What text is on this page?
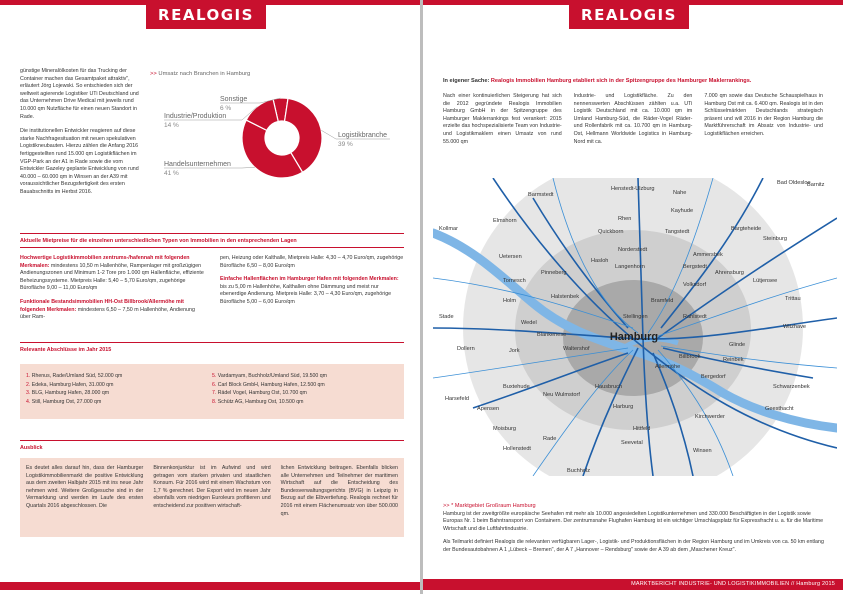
REALOGIS

günstige Mineralölkosten für das Trucking der Container machen das Gesamtpaket attraktiv", erläutert Jörg Lojewski. So entschieden sich der weltweit agierende Logistiker UTi Deutschland und das Unternehmen Drive Medical mit jeweils rund 10.000 qm Nutzfläche für einen neuen Standort in Rade.

Die institutionellen Entwickler reagieren auf diese starke Nachfragesituation mit neuen spekulativen Logistikneubauten. Hierzu zählen die Anfang 2016 fertiggestellten rund 15.000 qm Logistikflächen im VGP-Park an der A1 in Rade sowie die vom Entwickler Gazeley geplante Entwicklung von rund 40.000 – 60.000 qm in Winsen an der A39 mit voraussichtlicher Bezugsfertigkeit des ersten Bauabschnitts im Herbst 2016.

>> Umsatz nach Branchen in Hamburg
Logistikbranche
39 %
Handelsunternehmen
41 %
Industrie/Produktion
14 %
Sonstige
6 %
Aktuelle Mietpreise für die einzelnen unterschiedlichen Typen von Immobilien in den entsprechenden Lagen

Hochwertige Logistikimmobilien zentrums-/hafennah mit folgenden Merkmalen: mindestens 10,50 m Hallenhöhe, Rampenlager mit großzügigen Andienungszonen und Minimum 1-2 Tore pro 1.000 qm Hallenfläche, effiziente Beheizungssysteme. Mietpreis Halle: 5,40 – 5,70 Euro/qm, zugehörige Bürofläche 9,00 – 11,00 Euro/qm

Funktionale Bestandsimmobilien HH-Ost Billbrook/Allermöhe mit folgenden Merkmalen: mindestens 6,50 – 7,50 m Hallenhöhe, Andienung über Ram-

pen, Heizung oder Kalthalle, Mietpreis Halle: 4,30 – 4,70 Euro/qm, zugehörige Bürofläche 6,50 – 8,00 Euro/qm

Einfache Hallenflächen im Hamburger Hafen mit folgenden Merkmalen: bis zu 5,00 m Hallenhöhe, Kalthallen ohne Dämmung und meist nur ebenerdige Andienung. Mietpreis Halle: 3,70 – 4,30 Euro/qm, zugehörige Bürofläche 5,00 – 6,00 Euro/qm

Relevante Abschlüsse im Jahr 2015
1. Rhenus, Rade/Umland Süd, 52.000 qm
2. Edeka, Hamburg Hafen, 31.000 qm
3. BLG, Hamburg Hafen, 28.000 qm
4. Still, Hamburg Ost, 27.000 qm
5. Vardamyam, Buchholz/Umland Süd, 19.500 qm
6. Carl Block GmbH, Hamburg Hafen, 12.500 qm
7. Rädel Vogel, Hamburg Ost, 10.700 qm
8. Schütz AG, Hamburg Ost, 10.500 qm
Ausblick
Es deutet alles darauf hin, dass der Hamburger Logistikimmobilienmarkt die positive Entwicklung aus dem zweiten Halbjahr 2015 mit ins neue Jahr nehmen wird. Weitere Großgesuche sind in der Vermarktung und werden im Laufe des ersten Quartals 2016 abgeschlossen. Die
Binnenkonjunktur ist im Aufwind und wird getragen vom starken privaten und staatlichen Konsum. Für 2016 wird mit einem Wachstum von 1,7 % gerechnet. Der Export wird im neuen Jahr ebenfalls vom niedrigen Euroleurs profitieren und entscheidend zur positiven wirtschaft-
lichen Entwicklung beitragen. Ebenfalls blicken alle Unternehmen und Teilnehmer der maritimen Wirtschaft auf die Entscheidung des Bundesverwaltungsgerichts (BVG) in Leipzig in Bezug auf die Elbvertiefung. Realogis rechnet für 2016 mit einem Flächenumsatz von über 500.000 qm.
REALOGIS
In eigener Sache: Realogis Immobilien Hamburg etabliert sich in der Spitzengruppe des Hamburger Maklerrankings.
Nach einer kontinuierlichen Steigerung hat sich die 2012 gegründete Realogis Immobilien Hamburg GmbH in der Spitzengruppe des Hamburger Maklerrankings fest verankert: 2015 erzielte das hochspezialisierte Team von Industrie- und Logistikmaklern einen Umsatz von rund 55.000 qm
Industrie- und Logistikfläche. Zu den nennenswerten Abschlüssen zählten u.a. UTi Logistik Deutschland mit ca. 10.000 qm im Umland Hamburg-Süd, die Räder-Vogel Räder- und Rollenfabrik mit ca. 10.700 qm in Hamburg-Ost, Hellmann Worldwide Logistics in Hamburg-Nord mit ca.
7.000 qm sowie das Deutsche Schauspielhaus in Hamburg Ost mit ca. 6.400 qm. Realogis ist in den Schlüsselmärkten Deutschlands strategisch präsent und will 2016 in der Region Hamburg die Marktführerschaft im Absatz von Industrie- und Logistikflächen erreichen.
Hamburg
Kollmar
Barmstedt
Henstedt-Ulzburg
Nahe
Bad Oldesloe
Barnitz
Elmshorn	Rhen
Kayhude
Quickborn	Tangstedt	Bargteheide
Steinburg
Uetersen
Norderstedt
Ammersbek
Pinneberg
Hasloh
Langenhorn	Bergstedt
Ahrensburg
Halstenbek
Volksdorf
Lütjensee
Tornesch
Holm
Wedel
Bramfeld	Trittau
Stade
Blankenese
Stellingen	Rahlstedt
Witzhave
Dollern	Jork	Waltershof
Glinde
Reinbek
Buxtehude
Billbrook
Allermöhe
Bergedorf
Harsefeld
Neu Wulmstorf
Hausbruch
Harburg
Schwarzenbek
Apensen
Hittfeld
Geesthacht
Moisburg
Kirchwerder
Rade
Seevetal
Hollenstedt	Winsen
Buchholz
>> * Marktgebiet Großraum Hamburg

Hamburg ist der zweitgrößte europäische Seehafen mit mehr als 10.000 angesiedelten Logistikunternehmen und 330.000 Beschäftigten in der Logistik sowie Europas Nr. 1 beim Bahntransport von Containern. Der zentrumsnahe Flughafen Hamburg ist ein wichtiger Umschlagsplatz für Expressfracht u. a. für die Maritime Wirtschaft und die Luftfahrtindustrie.

Als Teilmarkt definiert Realogis die relevanten verfügbaren Lager-, Logistik- und Produktionsflächen in der Region Hamburg und im Umkreis von ca. 50 km entlang der Bundesautobahnen A 1 „Lübeck – Bremen", der A 7 „Hannover – Rendsburg" sowie der A 39 ab dem „Maschener Kreuz".

MARKTBERICHT INDUSTRIE- UND LOGISTIKIMMOBILIEN // Hamburg 2015
